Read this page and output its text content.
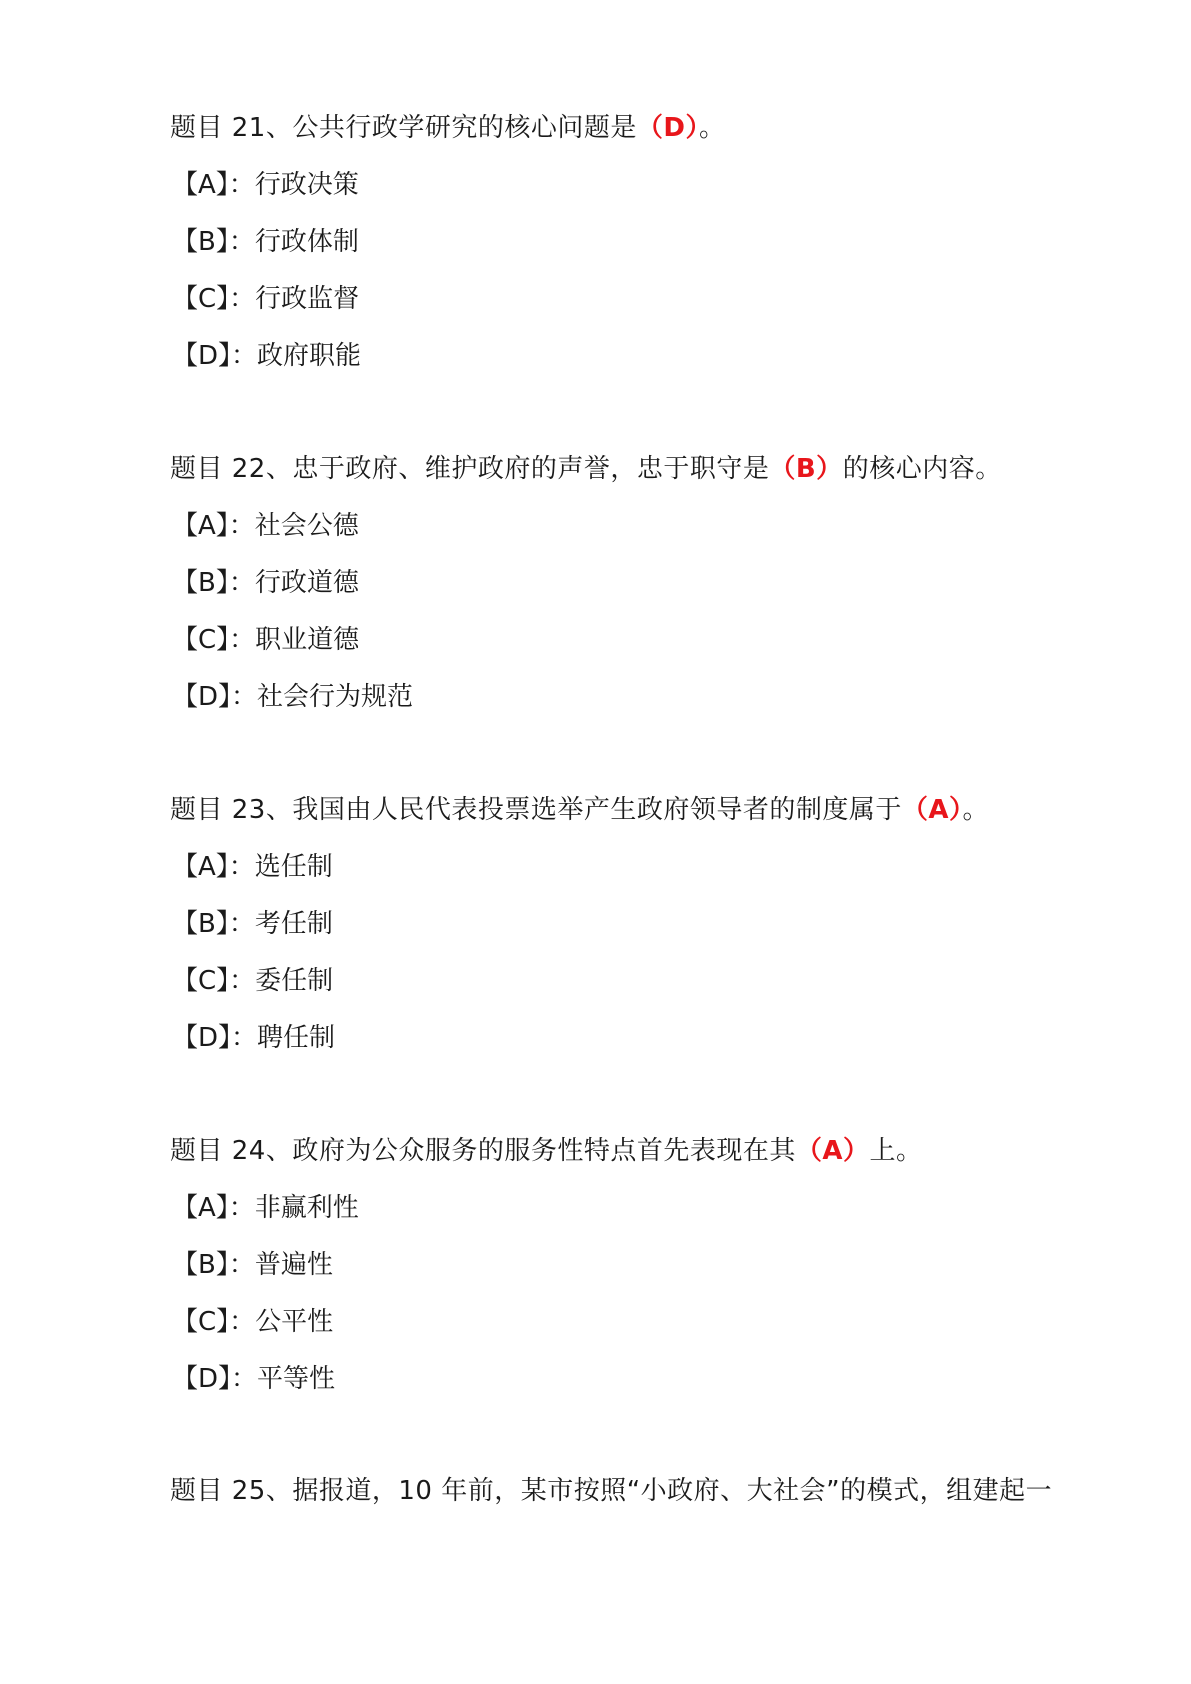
题目 21、公共行政学研究的核心问题是（D）。
【A】：行政决策
【B】：行政体制
【C】：行政监督
【D】：政府职能
题目 22、忠于政府、维护政府的声誉，忠于职守是（B）的核心内容。
【A】：社会公德
【B】：行政道德
【C】：职业道德
【D】：社会行为规范
题目 23、我国由人民代表投票选举产生政府领导者的制度属于（A）。
【A】：选任制
【B】：考任制
【C】：委任制
【D】：聘任制
题目 24、政府为公众服务的服务性特点首先表现在其（A）上。
【A】：非赢利性
【B】：普遍性
【C】：公平性
【D】：平等性
题目 25、据报道，10 年前，某市按照“小政府、大社会”的模式，组建起一
